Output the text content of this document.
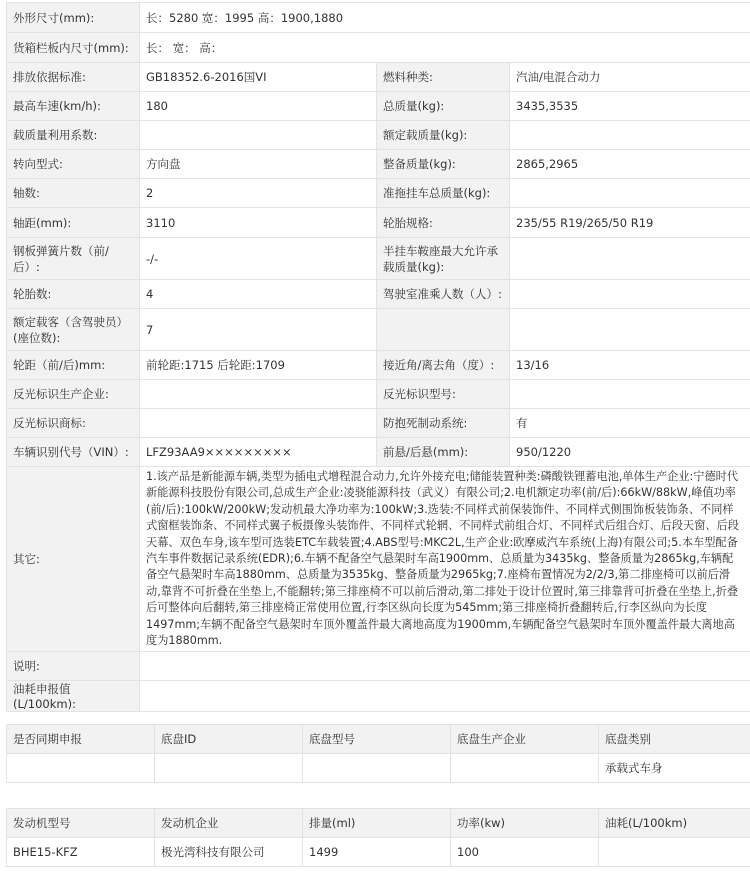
外形尺寸(mm):	长：5280 宽：1995 高：1900,1880		
货箱栏板内尺寸(mm):	长： 宽： 高：		
排放依据标准:	GB18352.6-2016国VI	燃料种类:	汽油/电混合动力
最高车速(km/h):	180	总质量(kg):	3435,3535
载质量利用系数:		额定载质量(kg):	
转向型式:	方向盘	整备质量(kg):	2865,2965
轴数:	2	准拖挂车总质量(kg):	
轴距(mm):	3110	轮胎规格:	235/55 R19/265/50 R19
钢板弹簧片数（前/后）:	-/-	半挂车鞍座最大允许承载质量(kg):	
轮胎数:	4	驾驶室准乘人数（人）:	
额定载客（含驾驶员）(座位数):	7		
轮距（前/后)mm:	前轮距:1715 后轮距:1709	接近角/离去角（度）:	13/16
反光标识生产企业:		反光标识型号:	
反光标识商标:		防抱死制动系统:	有
车辆识别代号（VIN）:	LFZ93AA9×××××××××	前悬/后悬(mm):	950/1220
其它:	1.该产品是新能源车辆,类型为插电式增程混合动力,允许外接充电;储能装置种类:磷酸铁锂蓄电池,单体生产企业:宁德时代新能源科技股份有限公司,总成生产企业:凌骁能源科技（武义）有限公司;2.电机额定功率(前/后):66kW/88kW,峰值功率(前/后):100kW/200kW;发动机最大净功率为:100kW;3.选装:不同样式前保装饰件、不同样式侧围饰板装饰条、不同样式窗框装饰条、不同样式翼子板摄像头装饰件、不同样式轮辋、不同样式前组合灯、不同样式后组合灯、后段天窗、后段天幕、双色车身,该车型可选装ETC车载装置;4.ABS型号:MKC2L,生产企业:欧摩威汽车系统(上海)有限公司;5.本车型配备汽车事件数据记录系统(EDR);6.车辆不配备空气悬架时车高1900mm、总质量为3435kg、整备质量为2865kg,车辆配备空气悬架时车高1880mm、总质量为3535kg、整备质量为2965kg;7.座椅布置情况为2/2/3,第二排座椅可以前后滑动,靠背不可折叠在坐垫上,不能翻转;第三排座椅不可以前后滑动,第二排处于设计位置时,第三排靠背可折叠在坐垫上,折叠后可整体向后翻转,第三排座椅正常使用位置,行李区纵向长度为545mm;第三排座椅折叠翻转后,行李区纵向为长度1497mm;车辆不配备空气悬架时车顶外覆盖件最大离地高度为1900mm,车辆配备空气悬架时车顶外覆盖件最大离地高度为1880mm.		
说明:			
油耗申报值(L/100km):			
是否同期申报	底盘ID	底盘型号	底盘生产企业	底盘类别
				承载式车身
发动机型号	发动机企业	排量(ml)	功率(kw)	油耗(L/100km)
BHE15-KFZ	极光湾科技有限公司	1499	100	
